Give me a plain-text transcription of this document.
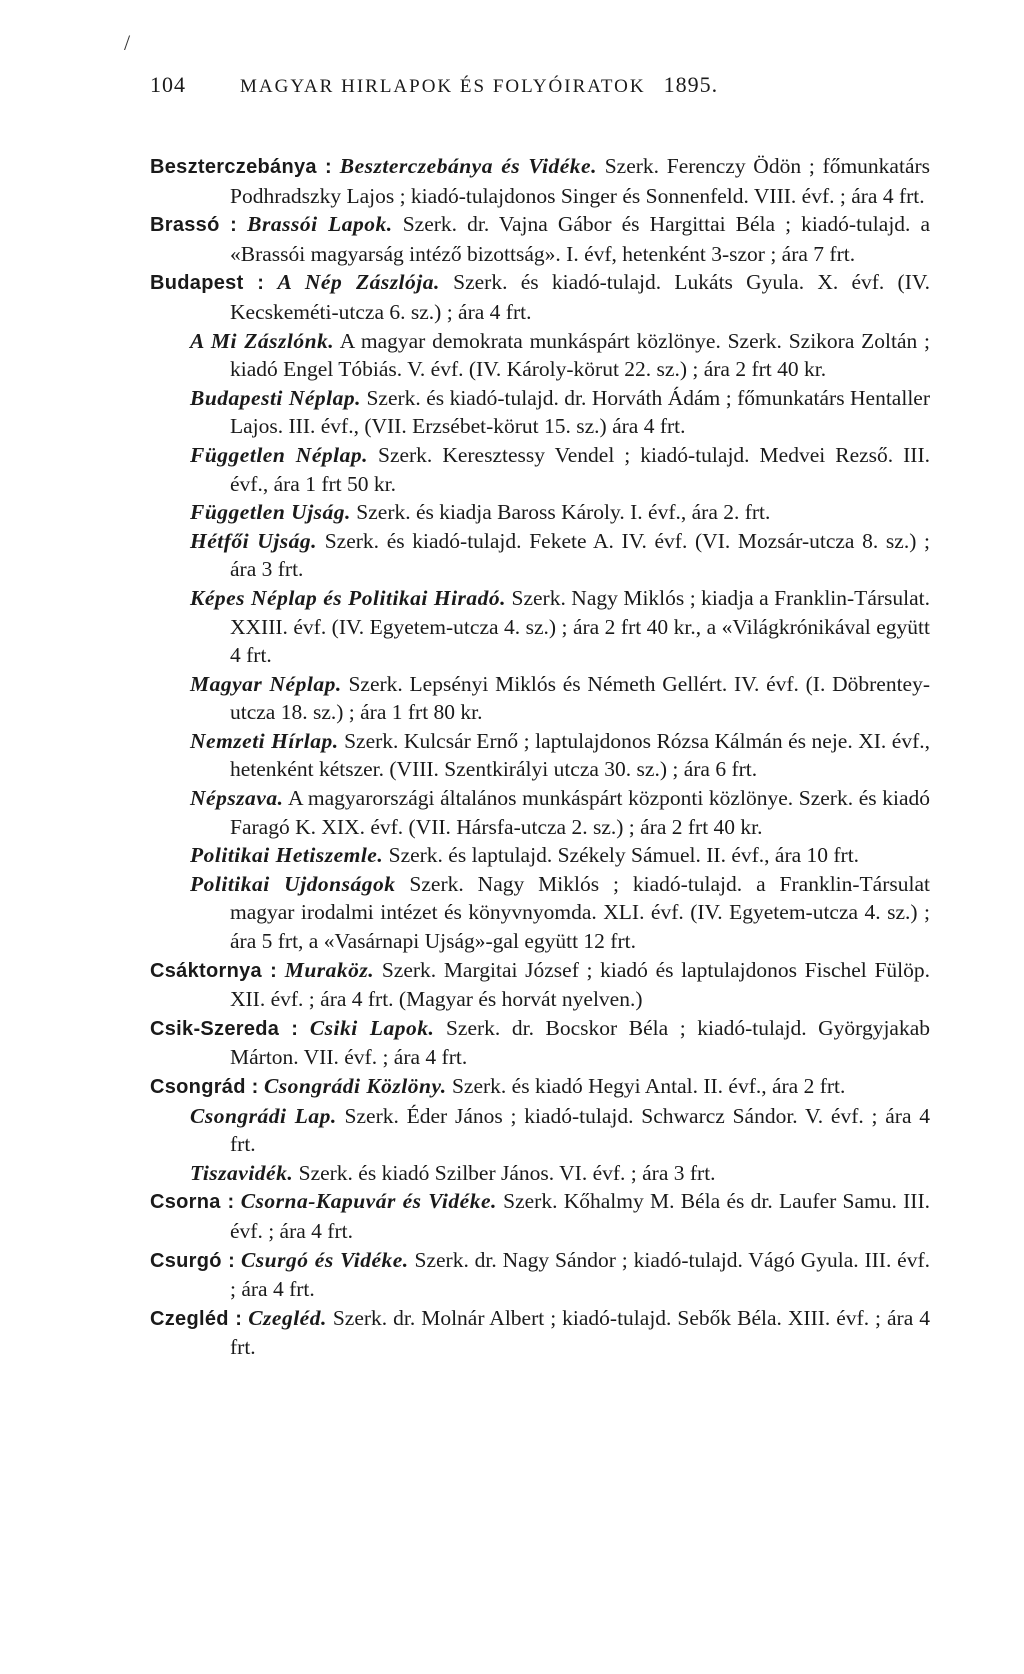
/
104	MAGYAR HIRLAPOK ÉS FOLYÓIRATOK 1895.

Beszterczebánya : Beszterczebánya és Vidéke. Szerk. Ferenczy Ödön ; főmunkatárs Podhradszky Lajos ; kiadó-tulajdonos Singer és Sonnenfeld. VIII. évf. ; ára 4 frt.

Brassó : Brassói Lapok. Szerk. dr. Vajna Gábor és Hargittai Béla ; kiadó-tulajd. a «Brassói magyarság intéző bizottság». I. évf, hetenként 3-szor ; ára 7 frt.

Budapest : A Nép Zászlója. Szerk. és kiadó-tulajd. Lukáts Gyula. X. évf. (IV. Kecskeméti-utcza 6. sz.) ; ára 4 frt.

A Mi Zászlónk. A magyar demokrata munkáspárt közlönye. Szerk. Szikora Zoltán ; kiadó Engel Tóbiás. V. évf. (IV. Károly-körut 22. sz.) ; ára 2 frt 40 kr.

Budapesti Néplap. Szerk. és kiadó-tulajd. dr. Horváth Ádám ; főmunkatárs Hentaller Lajos. III. évf., (VII. Erzsébet-körut 15. sz.) ára 4 frt.

Független Néplap. Szerk. Keresztessy Vendel ; kiadó-tulajd. Medvei Rezső. III. évf., ára 1 frt 50 kr.

Független Ujság. Szerk. és kiadja Baross Károly. I. évf., ára 2. frt.

Hétfői Ujság. Szerk. és kiadó-tulajd. Fekete A. IV. évf. (VI. Mozsár-utcza 8. sz.) ; ára 3 frt.

Képes Néplap és Politikai Hiradó. Szerk. Nagy Miklós ; kiadja a Franklin-Társulat. XXIII. évf. (IV. Egyetem-utcza 4. sz.) ; ára 2 frt 40 kr., a «Világkrónikával együtt 4 frt.

Magyar Néplap. Szerk. Lepsényi Miklós és Németh Gellért. IV. évf. (I. Döbrentey-utcza 18. sz.) ; ára 1 frt 80 kr.

Nemzeti Hírlap. Szerk. Kulcsár Ernő ; laptulajdonos Rózsa Kálmán és neje. XI. évf., hetenként kétszer. (VIII. Szentkirályi utcza 30. sz.) ; ára 6 frt.

Népszava. A magyarországi általános munkáspárt központi közlönye. Szerk. és kiadó Faragó K. XIX. évf. (VII. Hársfa-utcza 2. sz.) ; ára 2 frt 40 kr.

Politikai Hetiszemle. Szerk. és laptulajd. Székely Sámuel. II. évf., ára 10 frt.

Politikai Ujdonságok Szerk. Nagy Miklós ; kiadó-tulajd. a Franklin-Társulat magyar irodalmi intézet és könyvnyomda. XLI. évf. (IV. Egyetem-utcza 4. sz.) ; ára 5 frt, a «Vasárnapi Ujság»-gal együtt 12 frt.

Csáktornya : Muraköz. Szerk. Margitai József ; kiadó és laptulajdonos Fischel Fülöp. XII. évf. ; ára 4 frt. (Magyar és horvát nyelven.)

Csik-Szereda : Csiki Lapok. Szerk. dr. Bocskor Béla ; kiadó-tulajd. Györgyjakab Márton. VII. évf. ; ára 4 frt.

Csongrád : Csongrádi Közlöny. Szerk. és kiadó Hegyi Antal. II. évf., ára 2 frt.

Csongrádi Lap. Szerk. Éder János ; kiadó-tulajd. Schwarcz Sándor. V. évf. ; ára 4 frt.

Tiszavidék. Szerk. és kiadó Szilber János. VI. évf. ; ára 3 frt.

Csorna : Csorna-Kapuvár és Vidéke. Szerk. Kőhalmy M. Béla és dr. Laufer Samu. III. évf. ; ára 4 frt.

Csurgó : Csurgó és Vidéke. Szerk. dr. Nagy Sándor ; kiadó-tulajd. Vágó Gyula. III. évf. ; ára 4 frt.

Czegléd : Czegléd. Szerk. dr. Molnár Albert ; kiadó-tulajd. Sebők Béla. XIII. évf. ; ára 4 frt.
